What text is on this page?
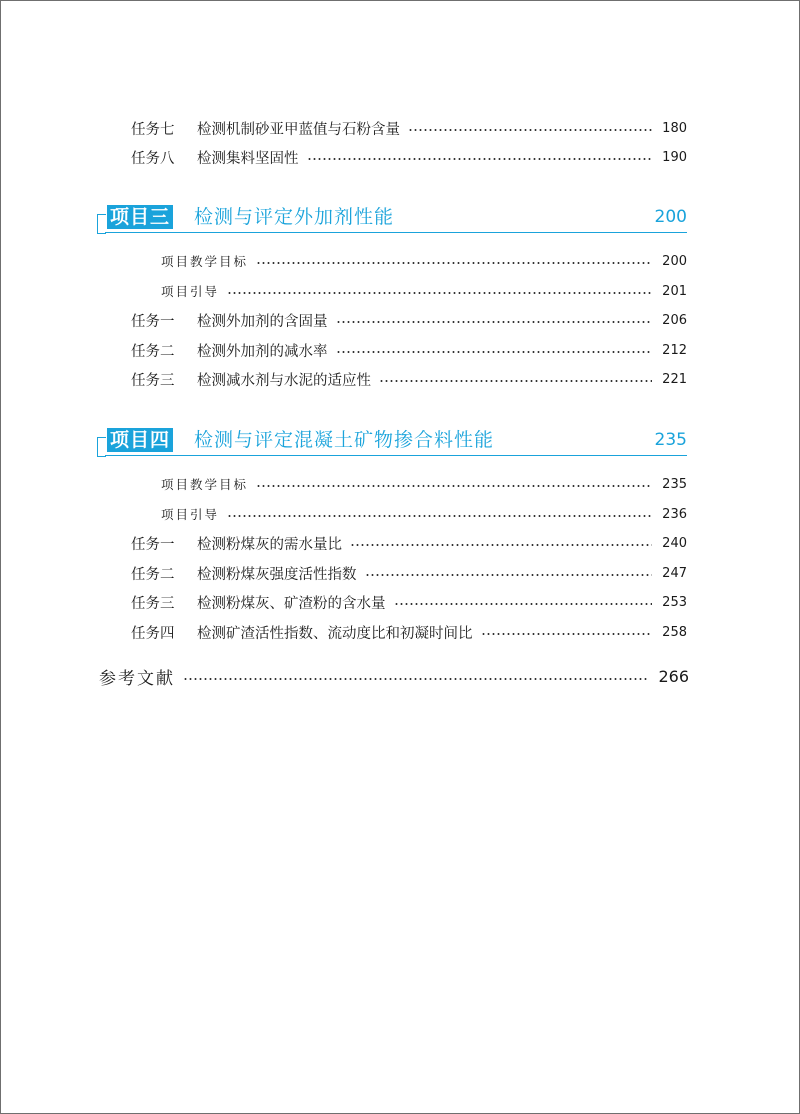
任务七	检测机制砂亚甲蓝值与石粉含量	180
任务八	检测集料坚固性	190
项目三 检测与评定外加剂性能	200
项目教学目标	200
项目引导	201
任务一	检测外加剂的含固量	206
任务二	检测外加剂的减水率	212
任务三	检测减水剂与水泥的适应性	221
项目四 检测与评定混凝土矿物掺合料性能	235
项目教学目标	235
项目引导	236
任务一	检测粉煤灰的需水量比	240
任务二	检测粉煤灰强度活性指数	247
任务三	检测粉煤灰、矿渣粉的含水量	253
任务四	检测矿渣活性指数、流动度比和初凝时间比	258
参考文献	266
